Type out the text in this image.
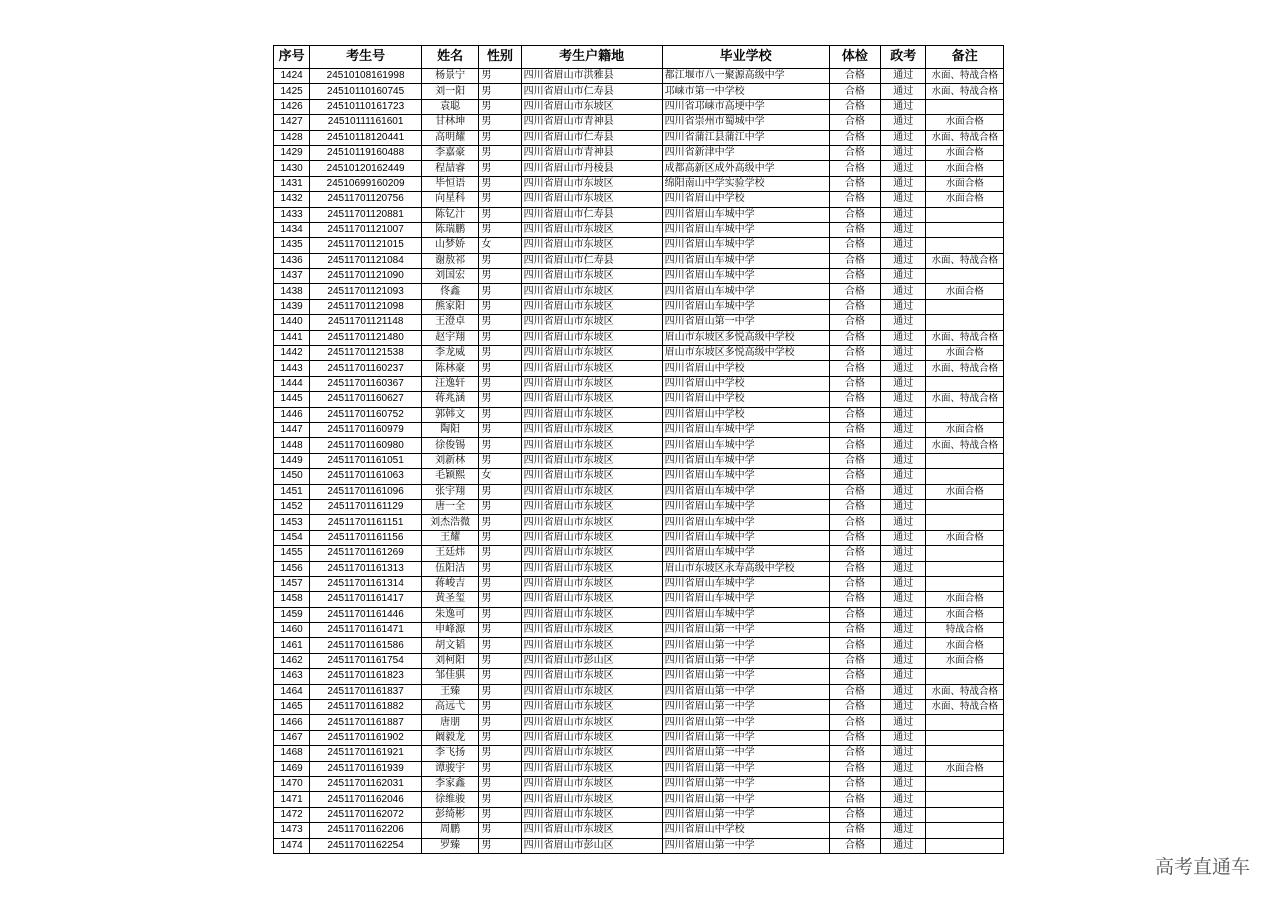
序号	考生号	姓名	性别	考生户籍地	毕业学校	体检	政考	备注
1424	24510108161998	杨景宁	男	四川省眉山市洪雅县	都江堰市八一聚源高级中学	合格	通过	水面、特战合格
1425	24510110160745	刘一阳	男	四川省眉山市仁寿县	邛崃市第一中学校	合格	通过	水面、特战合格
1426	24510110161723	袁聪	男	四川省眉山市东坡区	四川省邛崃市高埂中学	合格	通过	
1427	24510111161601	甘林坤	男	四川省眉山市青神县	四川省崇州市蜀城中学	合格	通过	水面合格
1428	24510118120441	高明耀	男	四川省眉山市仁寿县	四川省蒲江县蒲江中学	合格	通过	水面、特战合格
1429	24510119160488	李嘉豪	男	四川省眉山市青神县	四川省新津中学	合格	通过	水面合格
1430	24510120162449	程喆睿	男	四川省眉山市丹棱县	成都高新区成外高级中学	合格	通过	水面合格
1431	24510699160209	毕恒语	男	四川省眉山市东坡区	绵阳南山中学实验学校	合格	通过	水面合格
1432	24511701120756	向星科	男	四川省眉山市东坡区	四川省眉山中学校	合格	通过	水面合格
1433	24511701120881	陈钇汁	男	四川省眉山市仁寿县	四川省眉山车城中学	合格	通过	
1434	24511701121007	陈瑞鹏	男	四川省眉山市东坡区	四川省眉山车城中学	合格	通过	
1435	24511701121015	山梦娇	女	四川省眉山市东坡区	四川省眉山车城中学	合格	通过	
1436	24511701121084	谢敖祁	男	四川省眉山市仁寿县	四川省眉山车城中学	合格	通过	水面、特战合格
1437	24511701121090	刘国宏	男	四川省眉山市东坡区	四川省眉山车城中学	合格	通过	
1438	24511701121093	佟鑫	男	四川省眉山市东坡区	四川省眉山车城中学	合格	通过	水面合格
1439	24511701121098	熊家阳	男	四川省眉山市东坡区	四川省眉山车城中学	合格	通过	
1440	24511701121148	王澄卓	男	四川省眉山市东坡区	四川省眉山第一中学	合格	通过	
1441	24511701121480	赵宇翔	男	四川省眉山市东坡区	眉山市东坡区多悦高级中学校	合格	通过	水面、特战合格
1442	24511701121538	李龙威	男	四川省眉山市东坡区	眉山市东坡区多悦高级中学校	合格	通过	水面合格
1443	24511701160237	陈林豪	男	四川省眉山市东坡区	四川省眉山中学校	合格	通过	水面、特战合格
1444	24511701160367	汪逸轩	男	四川省眉山市东坡区	四川省眉山中学校	合格	通过	
1445	24511701160627	蒋兆涵	男	四川省眉山市东坡区	四川省眉山中学校	合格	通过	水面、特战合格
1446	24511701160752	郭韩文	男	四川省眉山市东坡区	四川省眉山中学校	合格	通过	
1447	24511701160979	陶阳	男	四川省眉山市东坡区	四川省眉山车城中学	合格	通过	水面合格
1448	24511701160980	徐俊锡	男	四川省眉山市东坡区	四川省眉山车城中学	合格	通过	水面、特战合格
1449	24511701161051	刘新林	男	四川省眉山市东坡区	四川省眉山车城中学	合格	通过	
1450	24511701161063	毛颖熙	女	四川省眉山市东坡区	四川省眉山车城中学	合格	通过	
1451	24511701161096	张宇翔	男	四川省眉山市东坡区	四川省眉山车城中学	合格	通过	水面合格
1452	24511701161129	唐一全	男	四川省眉山市东坡区	四川省眉山车城中学	合格	通过	
1453	24511701161151	刘杰浩微	男	四川省眉山市东坡区	四川省眉山车城中学	合格	通过	
1454	24511701161156	王耀	男	四川省眉山市东坡区	四川省眉山车城中学	合格	通过	水面合格
1455	24511701161269	王廷炜	男	四川省眉山市东坡区	四川省眉山车城中学	合格	通过	
1456	24511701161313	伍阳洁	男	四川省眉山市东坡区	眉山市东坡区永寿高级中学校	合格	通过	
1457	24511701161314	蒋峻吉	男	四川省眉山市东坡区	四川省眉山车城中学	合格	通过	
1458	24511701161417	黄圣玺	男	四川省眉山市东坡区	四川省眉山车城中学	合格	通过	水面合格
1459	24511701161446	朱逸可	男	四川省眉山市东坡区	四川省眉山车城中学	合格	通过	水面合格
1460	24511701161471	申峰源	男	四川省眉山市东坡区	四川省眉山第一中学	合格	通过	特战合格
1461	24511701161586	胡文韬	男	四川省眉山市东坡区	四川省眉山第一中学	合格	通过	水面合格
1462	24511701161754	刘柯阳	男	四川省眉山市彭山区	四川省眉山第一中学	合格	通过	水面合格
1463	24511701161823	邹佳骐	男	四川省眉山市东坡区	四川省眉山第一中学	合格	通过	
1464	24511701161837	王臻	男	四川省眉山市东坡区	四川省眉山第一中学	合格	通过	水面、特战合格
1465	24511701161882	高远弋	男	四川省眉山市东坡区	四川省眉山第一中学	合格	通过	水面、特战合格
1466	24511701161887	唐朋	男	四川省眉山市东坡区	四川省眉山第一中学	合格	通过	
1467	24511701161902	阚毅龙	男	四川省眉山市东坡区	四川省眉山第一中学	合格	通过	
1468	24511701161921	李飞扬	男	四川省眉山市东坡区	四川省眉山第一中学	合格	通过	
1469	24511701161939	谭骏宇	男	四川省眉山市东坡区	四川省眉山第一中学	合格	通过	水面合格
1470	24511701162031	李家鑫	男	四川省眉山市东坡区	四川省眉山第一中学	合格	通过	
1471	24511701162046	徐维骏	男	四川省眉山市东坡区	四川省眉山第一中学	合格	通过	
1472	24511701162072	彭绮彬	男	四川省眉山市东坡区	四川省眉山第一中学	合格	通过	
1473	24511701162206	周鹏	男	四川省眉山市东坡区	四川省眉山中学校	合格	通过	
1474	24511701162254	罗臻	男	四川省眉山市彭山区	四川省眉山第一中学	合格	通过	
高考直通车
